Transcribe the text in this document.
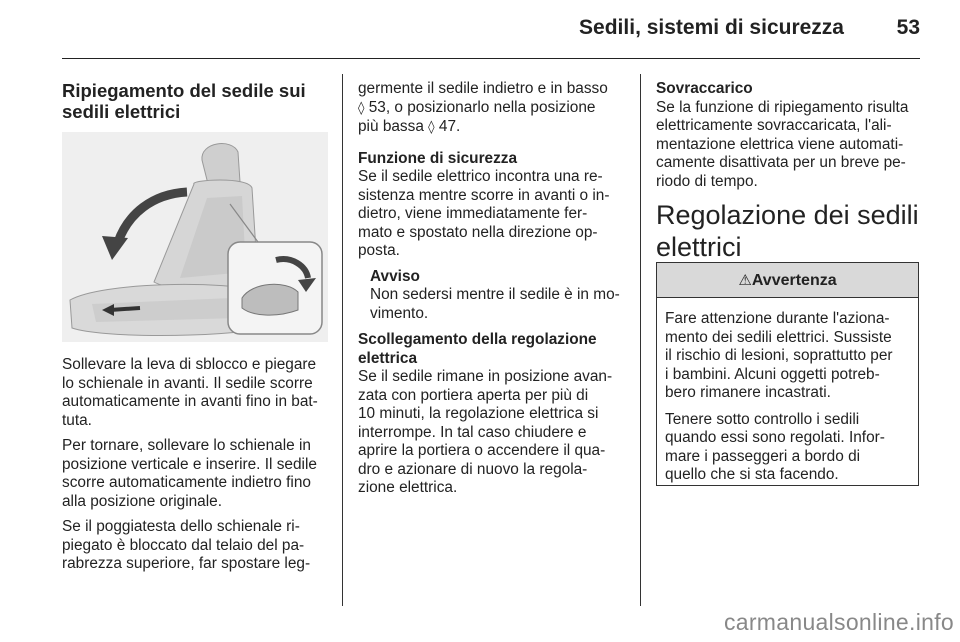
Sedili, sistemi di sicurezza	53
Ripiegamento del sedile sui
sedili elettrici

Sollevare la leva di sblocco e piegare
lo schienale in avanti. Il sedile scorre
automaticamente in avanti fino in bat-
tuta.

Per tornare, sollevare lo schienale in
posizione verticale e inserire. Il sedile
scorre automaticamente indietro fino
alla posizione originale.

Se il poggiatesta dello schienale ri-
piegato è bloccato dal telaio del pa-
rabrezza superiore, far spostare leg-

germente il sedile indietro e in basso
◊ 53, o posizionarlo nella posizione
più bassa ◊ 47.

Funzione di sicurezza
Se il sedile elettrico incontra una re-
sistenza mentre scorre in avanti o in-
dietro, viene immediatamente fer-
mato e spostato nella direzione op-
posta.

Avviso
Non sedersi mentre il sedile è in mo-
vimento.

Scollegamento della regolazione
elettrica
Se il sedile rimane in posizione avan-
zata con portiera aperta per più di
10 minuti, la regolazione elettrica si
interrompe. In tal caso chiudere e
aprire la portiera o accendere il qua-
dro e azionare di nuovo la regola-
zione elettrica.

Sovraccarico
Se la funzione di ripiegamento risulta
elettricamente sovraccaricata, l'ali-
mentazione elettrica viene automati-
camente disattivata per un breve pe-
riodo di tempo.

Regolazione dei sedili
elettrici
⚠Avvertenza

Fare attenzione durante l'aziona-
mento dei sedili elettrici. Sussiste
il rischio di lesioni, soprattutto per
i bambini. Alcuni oggetti potreb-
bero rimanere incastrati.

Tenere sotto controllo i sedili
quando essi sono regolati. Infor-
mare i passeggeri a bordo di
quello che si sta facendo.

carmanualsonline.info
